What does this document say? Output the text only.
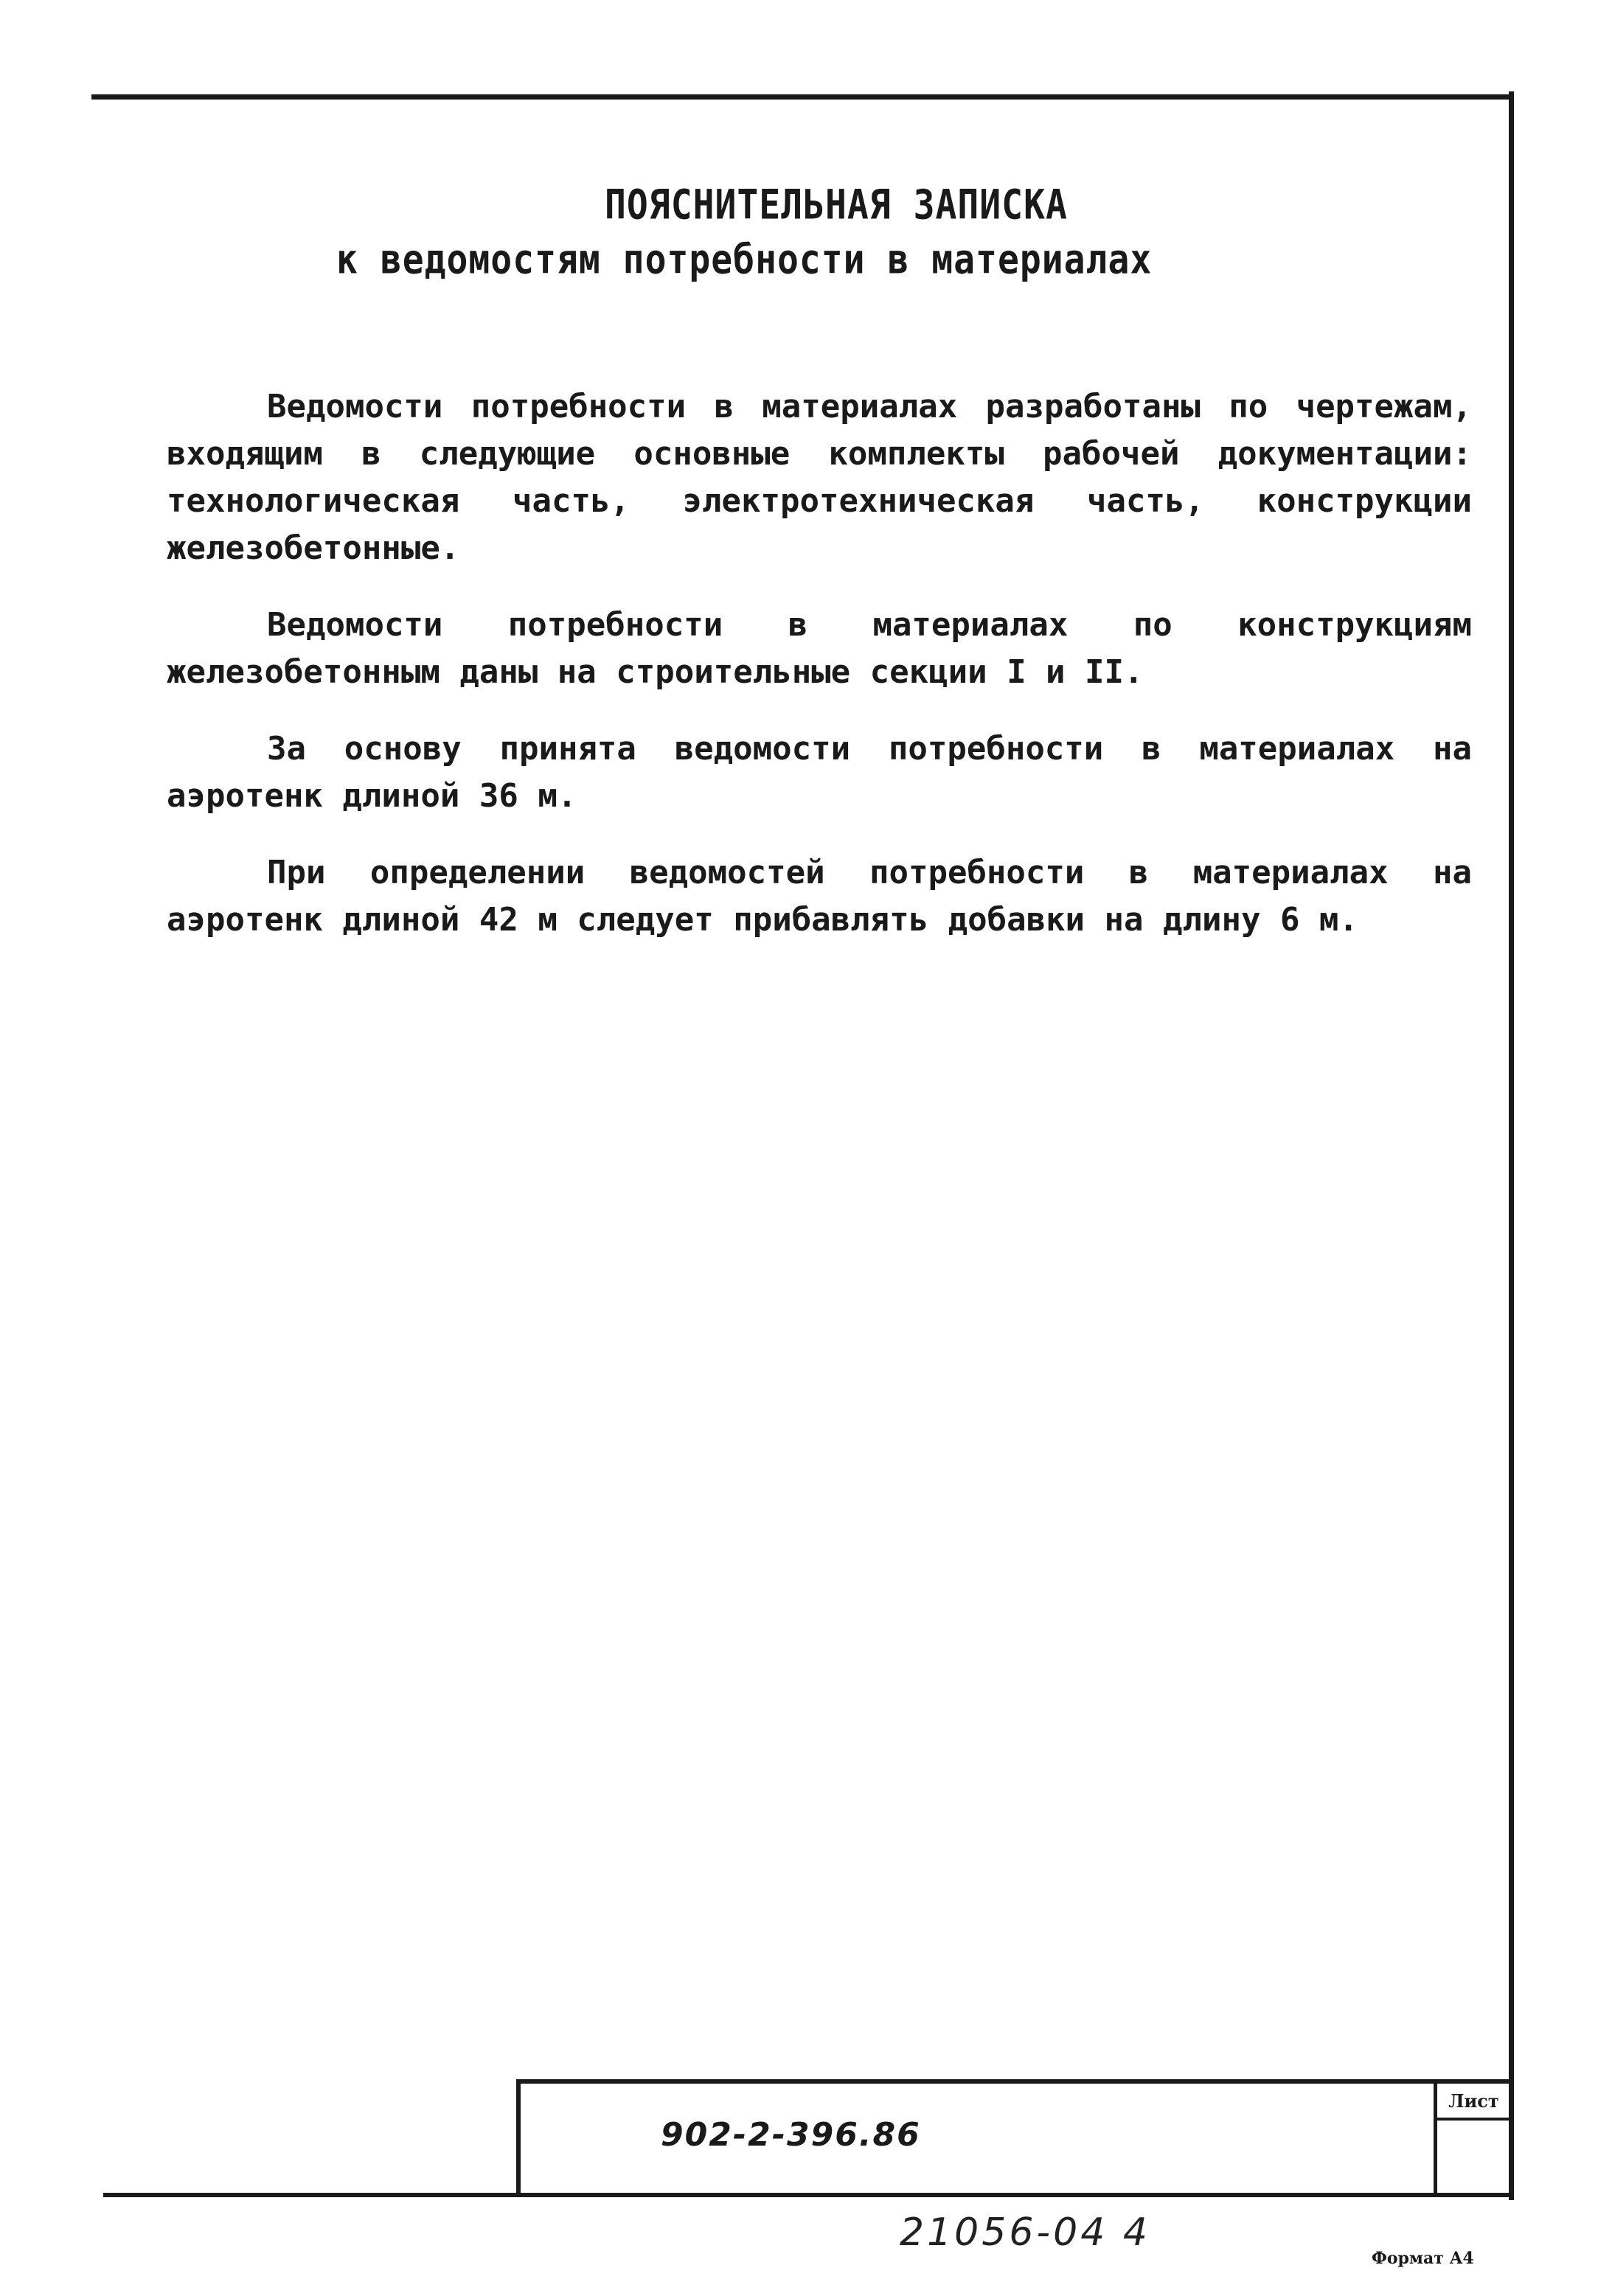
ПОЯСНИТЕЛЬНАЯ ЗАПИСКА
к ведомостям потребности в материалах

Ведомости потребности в материалах разработаны по чертежам, входящим в следующие основные комплекты рабочей документации: технологическая часть, электротехническая часть, конструкции железобетонные.

Ведомости потребности в материалах по конструкциям железобетонным даны на строительные секции I и II.

За основу принята ведомости потребности в материалах на аэротенк длиной 36 м.

При определении ведомостей потребности в материалах на аэротенк длиной 42 м следует прибавлять добавки на длину 6 м.

902-2-396.86
Лист
21056-04 4
Формат А4
